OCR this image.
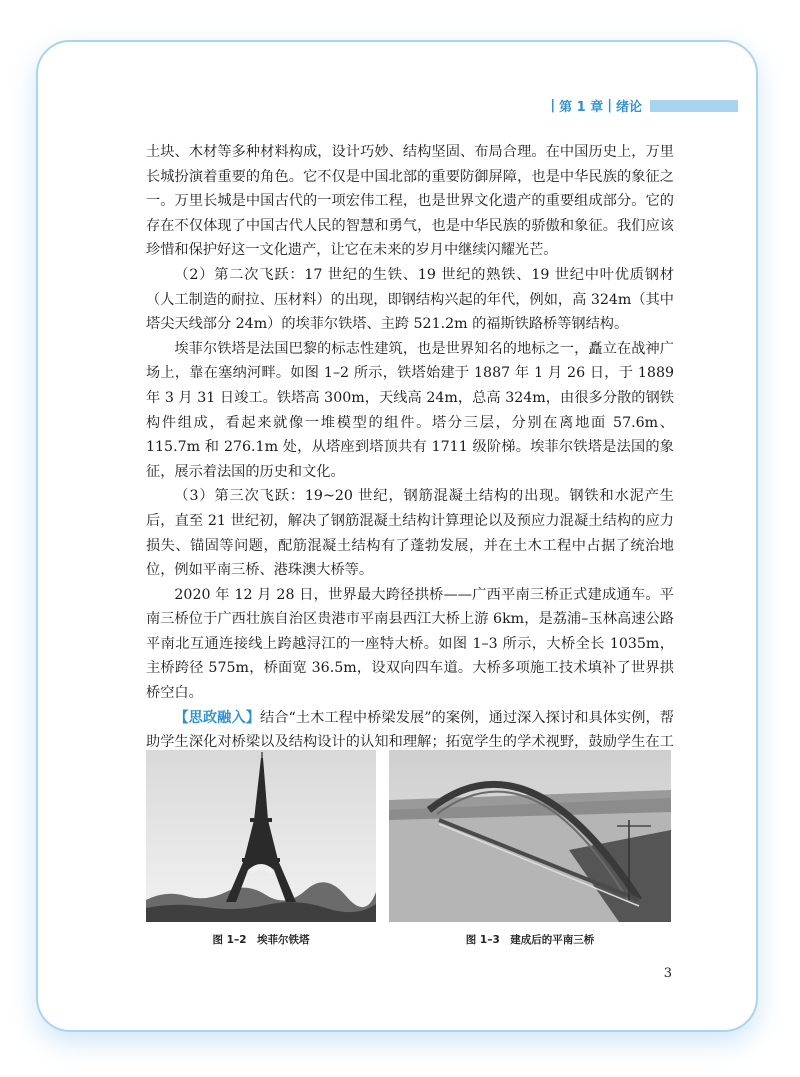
| 第 1 章 | 绪论

土块、木材等多种材料构成，设计巧妙、结构坚固、布局合理。在中国历史上，万里长城扮演着重要的角色。它不仅是中国北部的重要防御屏障，也是中华民族的象征之一。万里长城是中国古代的一项宏伟工程，也是世界文化遗产的重要组成部分。它的存在不仅体现了中国古代人民的智慧和勇气，也是中华民族的骄傲和象征。我们应该珍惜和保护好这一文化遗产，让它在未来的岁月中继续闪耀光芒。

（2）第二次飞跃：17 世纪的生铁、19 世纪的熟铁、19 世纪中叶优质钢材（人工制造的耐拉、压材料）的出现，即钢结构兴起的年代，例如，高 324m（其中塔尖天线部分 24m）的埃菲尔铁塔、主跨 521.2m 的福斯铁路桥等钢结构。

埃菲尔铁塔是法国巴黎的标志性建筑，也是世界知名的地标之一，矗立在战神广场上，靠在塞纳河畔。如图 1–2 所示，铁塔始建于 1887 年 1 月 26 日，于 1889 年 3 月 31 日竣工。铁塔高 300m，天线高 24m，总高 324m，由很多分散的钢铁构件组成，看起来就像一堆模型的组件。塔分三层，分别在离地面 57.6m、115.7m 和 276.1m 处，从塔座到塔顶共有 1711 级阶梯。埃菲尔铁塔是法国的象征，展示着法国的历史和文化。

（3）第三次飞跃：19~20 世纪，钢筋混凝土结构的出现。钢铁和水泥产生后，直至 21 世纪初，解决了钢筋混凝土结构计算理论以及预应力混凝土结构的应力损失、锚固等问题，配筋混凝土结构有了蓬勃发展，并在土木工程中占据了统治地位，例如平南三桥、港珠澳大桥等。

2020 年 12 月 28 日，世界最大跨径拱桥——广西平南三桥正式建成通车。平南三桥位于广西壮族自治区贵港市平南县西江大桥上游 6km，是荔浦–玉林高速公路平南北互通连接线上跨越浔江的一座特大桥。如图 1–3 所示，大桥全长 1035m，主桥跨径 575m，桥面宽 36.5m，设双向四车道。大桥多项施工技术填补了世界拱桥空白。

【思政融入】结合“土木工程中桥梁发展”的案例，通过深入探讨和具体实例，帮助学生深化对桥梁以及结构设计的认知和理解；拓宽学生的学术视野，鼓励学生在工

图 1–2　埃菲尔铁塔	图 1–3　建成后的平南三桥
3
